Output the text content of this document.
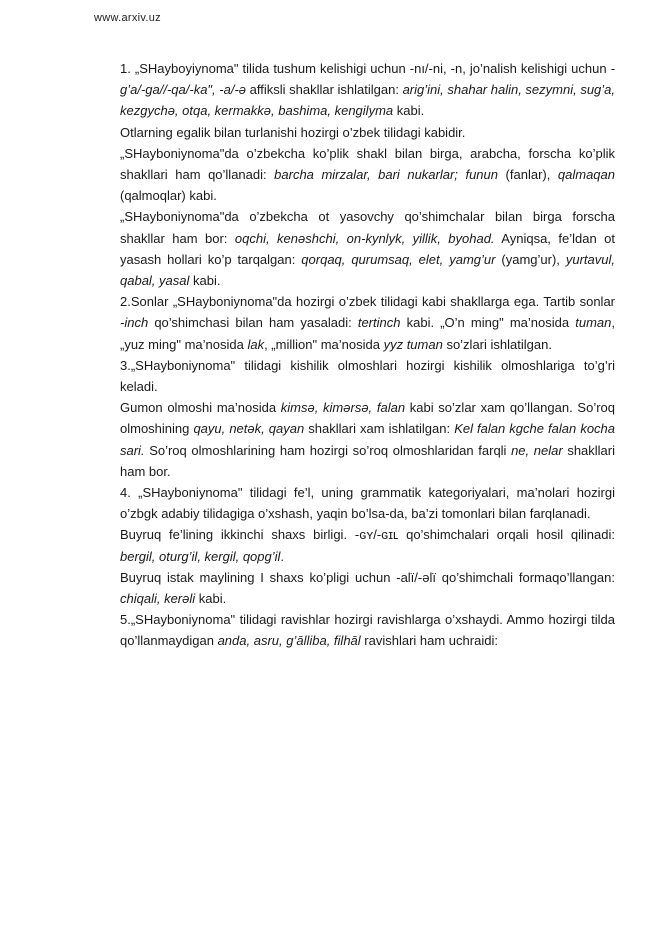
www.arxiv.uz

1. „SHayboyiynoma" tilida tushum kelishigi uchun -nı/-ni, -n, jo’nalish kelishigi uchun -g’a/-ga//-qa/-ka", -a/-ə affiksli shakllar ishlatilgan: arig’ini, shahar halin, sezymni, sug’a, kezgychə, otqa, kermakkə, bashima, kengilyma kabi.

Otlarning egalik bilan turlanishi hozirgi o’zbek tilidagi kabidir.

„SHayboniynoma"da o’zbekcha ko’plik shakl bilan birga, arabcha, forscha ko’plik shakllari ham qo’llanadi: barcha mirzalar, bari nukarlar; funun (fanlar), qalmaqan (qalmoqlar) kabi.

„SHayboniynoma"da o’zbekcha ot yasovchy qo’shimchalar bilan birga forscha shakllar ham bor: oqchi, kenəshchi, on-kynlyk, yillik, byohad. Ayniqsa, fe’ldan ot yasash hollari ko’p tarqalgan: qorqaq, qurumsaq, elet, yamg’ur (yamg’ur), yurtavul, qabal, yasal kabi.

2.Sonlar „SHayboniynoma"da hozirgi o’zbek tilidagi kabi shakllarga ega. Tartib sonlar -inch qo’shimchasi bilan ham yasaladi: tertinch kabi. „O’n ming" ma’nosida tuman, „yuz ming" ma’nosida lak, „million" ma’nosida yyz tuman so’zlari ishlatilgan.

3.„SHayboniynoma" tilidagi kishilik olmoshlari hozirgi kishilik olmoshlariga to’g’ri keladi.

Gumon olmoshi ma’nosida kimsə, kimərsə, falan kabi so’zlar xam qo’llangan. So’roq olmoshining qayu, netək, qayan shakllari xam ishlatilgan: Kel falan kgche falan kocha sari. So’roq olmoshlarining ham hozirgi so’roq olmoshlaridan farqli ne, nelar shakllari ham bor.

4. „SHayboniynoma" tilidagi fe’l, uning grammatik kategoriyalari, ma’nolari hozirgi o’zbgk adabiy tilidagiga o’xshash, yaqin bo’lsa-da, ba’zi tomonlari bilan farqlanadi.

Buyruq fe’lining ikkinchi shaxs birligi. -ɢʏ/-ɢɪʟ qo’shimchalari orqali hosil qilinadi: bergil, oturg’il, kergil, qopg’il.

Buyruq istak maylining I shaxs ko’pligi uchun -alї/-əlї qo’shimchali formaqo’llangan: chiqali, kerəli kabi.

5.„SHayboniynoma" tilidagi ravishlar hozirgi ravishlarga o’xshaydi. Ammo hozirgi tilda qo’llanmaydigan anda, asru, g’ālliba, filhāl ravishlari ham uchraidi:
